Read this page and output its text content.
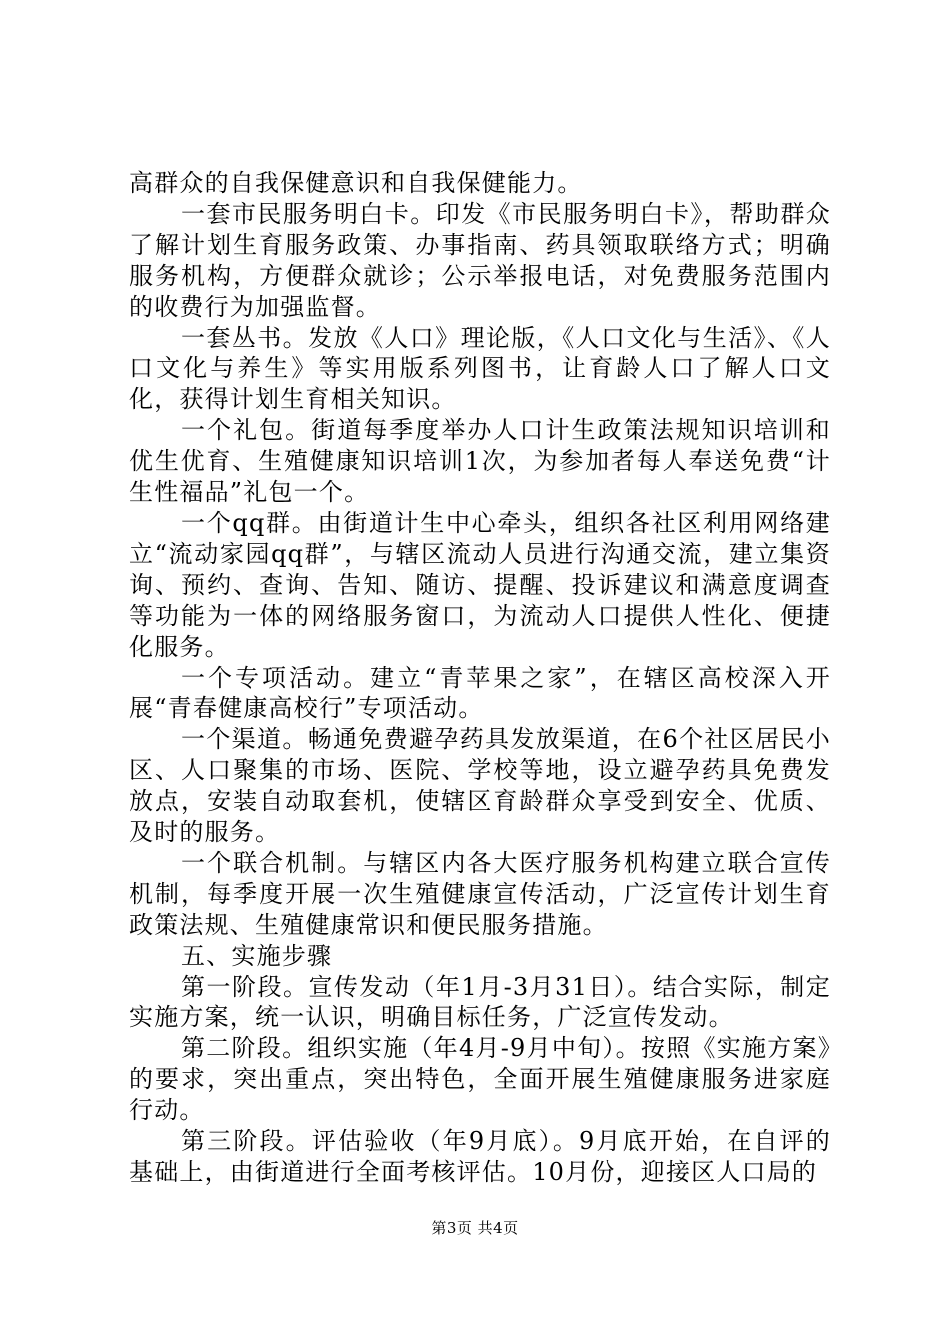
高群众的自我保健意识和自我保健能力。

一套市民服务明白卡。印发《市民服务明白卡》，帮助群众了解计划生育服务政策、办事指南、药具领取联络方式；明确服务机构，方便群众就诊；公示举报电话，对免费服务范围内的收费行为加强监督。

一套丛书。发放《人口》理论版，《人口文化与生活》、《人口文化与养生》等实用版系列图书，让育龄人口了解人口文化，获得计划生育相关知识。

一个礼包。街道每季度举办人口计生政策法规知识培训和优生优育、生殖健康知识培训1次，为参加者每人奉送免费“计生性福品”礼包一个。

一个qq群。由街道计生中心牵头，组织各社区利用网络建立“流动家园qq群”，与辖区流动人员进行沟通交流，建立集资询、预约、查询、告知、随访、提醒、投诉建议和满意度调查等功能为一体的网络服务窗口，为流动人口提供人性化、便捷化服务。

一个专项活动。建立“青苹果之家”，在辖区高校深入开展“青春健康高校行”专项活动。

一个渠道。畅通免费避孕药具发放渠道，在6个社区居民小区、人口聚集的市场、医院、学校等地，设立避孕药具免费发放点，安装自动取套机，使辖区育龄群众享受到安全、优质、及时的服务。

一个联合机制。与辖区内各大医疗服务机构建立联合宣传机制，每季度开展一次生殖健康宣传活动，广泛宣传计划生育政策法规、生殖健康常识和便民服务措施。

五、实施步骤

第一阶段。宣传发动（年1月-3月31日）。结合实际，制定实施方案，统一认识，明确目标任务，广泛宣传发动。

第二阶段。组织实施（年4月-9月中旬）。按照《实施方案》的要求，突出重点，突出特色，全面开展生殖健康服务进家庭行动。

第三阶段。评估验收（年9月底）。9月底开始，在自评的基础上，由街道进行全面考核评估。10月份，迎接区人口局的

第3页 共4页
